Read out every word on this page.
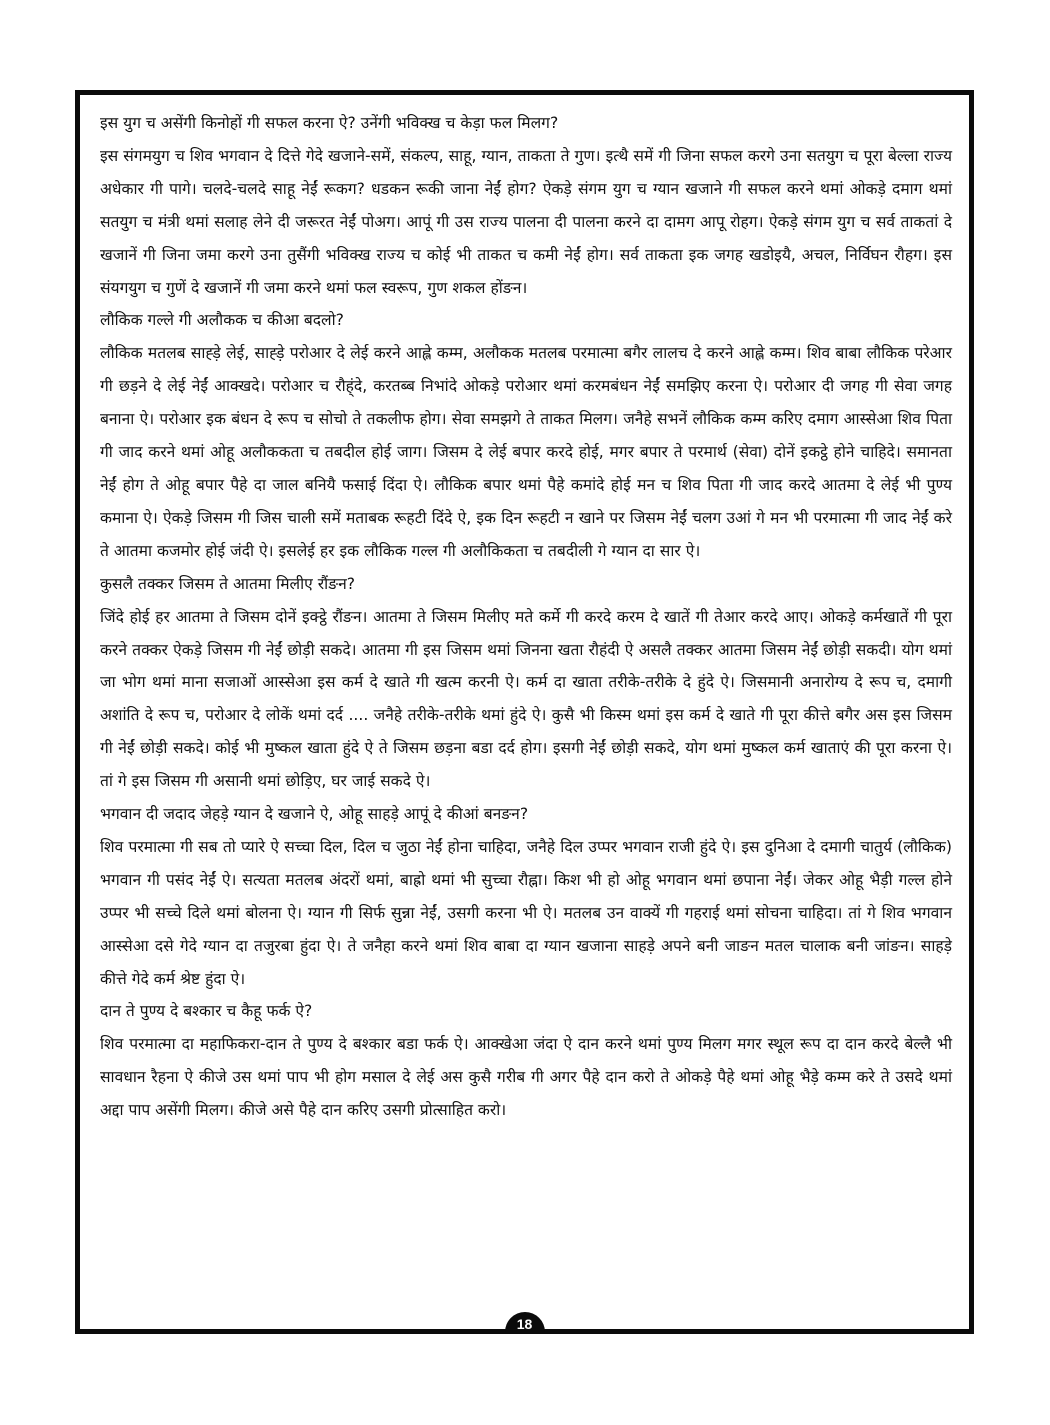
इस युग च असेंगी किनोहों गी सफल करना ऐ? उनेंगी भविक्ख च केड़ा फल मिलग?

इस संगमयुग च शिव भगवान दे दित्ते गेदे खजाने-समें, संकल्प, साहू, ग्यान, ताकता ते गुण। इत्थै समें गी जिना सफल करगे उना सतयुग च पूरा बेल्ला राज्य अधेकार गी पागे। चलदे-चलदे साहू नेईं रूकग? धडकन रूकी जाना नेईं होग? ऐकड़े संगम युग च ग्यान खजाने गी सफल करने थमां ओकड़े दमाग थमां सतयुग च मंत्री थमां सलाह लेने दी जरूरत नेईं पोअग। आपूं गी उस राज्य पालना दी पालना करने दा दामग आपू रोहग। ऐकड़े संगम युग च सर्व ताकतां दे खजानें गी जिना जमा करगे उना तुसैंगी भविक्ख राज्य च कोई भी ताकत च कमी नेईं होग। सर्व ताकता इक जगह खडोइयै, अचल, निर्विघन रौहग। इस संयगयुग च गुणें दे खजानें गी जमा करने थमां फल स्वरूप, गुण शकल होंङन।

लौकिक गल्ले गी अलौकक च कीआ बदलो?

लौकिक मतलब साह्ड़े लेई, साह्ड़े परोआर दे लेई करने आह्ले कम्म, अलौकक मतलब परमात्मा बगैर लालच दे करने आह्ले कम्म। शिव बाबा लौकिक परेआर गी छड़ने दे लेई नेईं आक्खदे। परोआर च रौह्ंदे, करतब्ब निभांदे ओकड़े परोआर थमां करमबंधन नेईं समझिए करना ऐ। परोआर दी जगह गी सेवा जगह बनाना ऐ। परोआर इक बंधन दे रूप च सोचो ते तकलीफ होग। सेवा समझगे ते ताकत मिलग। जनैहे सभनें लौकिक कम्म करिए दमाग आस्सेआ शिव पिता गी जाद करने थमां ओहू अलौककता च तबदील होई जाग। जिसम दे लेई बपार करदे होई, मगर बपार ते परमार्थ (सेवा) दोनें इकट्ठे होने चाहिदे। समानता नेईं होग ते ओहू बपार पैहे दा जाल बनियै फसाई दिंदा ऐ। लौकिक बपार थमां पैहे कमांदे होई मन च शिव पिता गी जाद करदे आतमा दे लेई भी पुण्य कमाना ऐ। ऐकड़े जिसम गी जिस चाली समें मताबक रूहटी दिंदे ऐ, इक दिन रूहटी न खाने पर जिसम नेईं चलग उआं गे मन भी परमात्मा गी जाद नेईं करे ते आतमा कजमोर होई जंदी ऐ। इसलेई हर इक लौकिक गल्ल गी अलौकिकता च तबदीली गे ग्यान दा सार ऐ।

कुसलै तक्कर जिसम ते आतमा मिलीए रौंङन?

जिंदे होई हर आतमा ते जिसम दोनें इक्ट्ठे रौंङन। आतमा ते जिसम मिलीए मते कर्मे गी करदे करम दे खातें गी तेआर करदे आए। ओकड़े कर्मखातें गी पूरा करने तक्कर ऐकड़े जिसम गी नेईं छोड़ी सकदे। आतमा गी इस जिसम थमां जिनना खता रौहंदी ऐ असलै तक्कर आतमा जिसम नेईं छोड़ी सकदी। योग थमां जा भोग थमां माना सजाओं आस्सेआ इस कर्म दे खाते गी खत्म करनी ऐ। कर्म दा खाता तरीके-तरीके दे हुंदे ऐ। जिसमानी अनारोग्य दे रूप च, दमागी अशांति दे रूप च, परोआर दे लोकें थमां दर्द .... जनैहे तरीके-तरीके थमां हुंदे ऐ। कुसै भी किस्म थमां इस कर्म दे खाते गी पूरा कीत्ते बगैर अस इस जिसम गी नेईं छोड़ी सकदे। कोई भी मुष्कल खाता हुंदे ऐ ते जिसम छड़ना बडा दर्द होग। इसगी नेईं छोड़ी सकदे, योग थमां मुष्कल कर्म खाताएं की पूरा करना ऐ। तां गे इस जिसम गी असानी थमां छोड़िए, घर जाई सकदे ऐ।

भगवान दी जदाद जेहड़े ग्यान दे खजाने ऐ, ओहू साहड़े आपूं दे कीआं बनङन?

शिव परमात्मा गी सब तो प्यारे ऐ सच्चा दिल, दिल च जुठा नेईं होना चाहिदा, जनैहे दिल उप्पर भगवान राजी हुंदे ऐ। इस दुनिआ दे दमागी चातुर्य (लौकिक) भगवान गी पसंद नेईं ऐ। सत्यता मतलब अंदरों थमां, बाह्रो थमां भी सुच्चा रौह्ना। किश भी हो ओहू भगवान थमां छपाना नेईं। जेकर ओहू भैड़ी गल्ल होने उप्पर भी सच्चे दिले थमां बोलना ऐ। ग्यान गी सिर्फ सुन्ना नेईं, उसगी करना भी ऐ। मतलब उन वाक्यें गी गहराई थमां सोचना चाहिदा। तां गे शिव भगवान आस्सेआ दसे गेदे ग्यान दा तजुरबा हुंदा ऐ। ते जनैहा करने थमां शिव बाबा दा ग्यान खजाना साहड़े अपने बनी जाङन मतल चालाक बनी जांङन। साहड़े कीत्ते गेदे कर्म श्रेष्ट हुंदा ऐ।

दान ते पुण्य दे बश्कार च कैहू फर्क ऐ?

शिव परमात्मा दा महाफिकरा-दान ते पुण्य दे बश्कार बडा फर्क ऐ। आक्खेआ जंदा ऐ दान करने थमां पुण्य मिलग मगर स्थूल रूप दा दान करदे बेल्लै भी सावधान रैहना ऐ कीजे उस थमां पाप भी होग मसाल दे लेई अस कुसै गरीब गी अगर पैहे दान करो ते ओकड़े पैहे थमां ओहू भैड़े कम्म करे ते उसदे थमां अद्दा पाप असेंगी मिलग। कीजे असे पैहे दान करिए उसगी प्रोत्साहित करो।

18
